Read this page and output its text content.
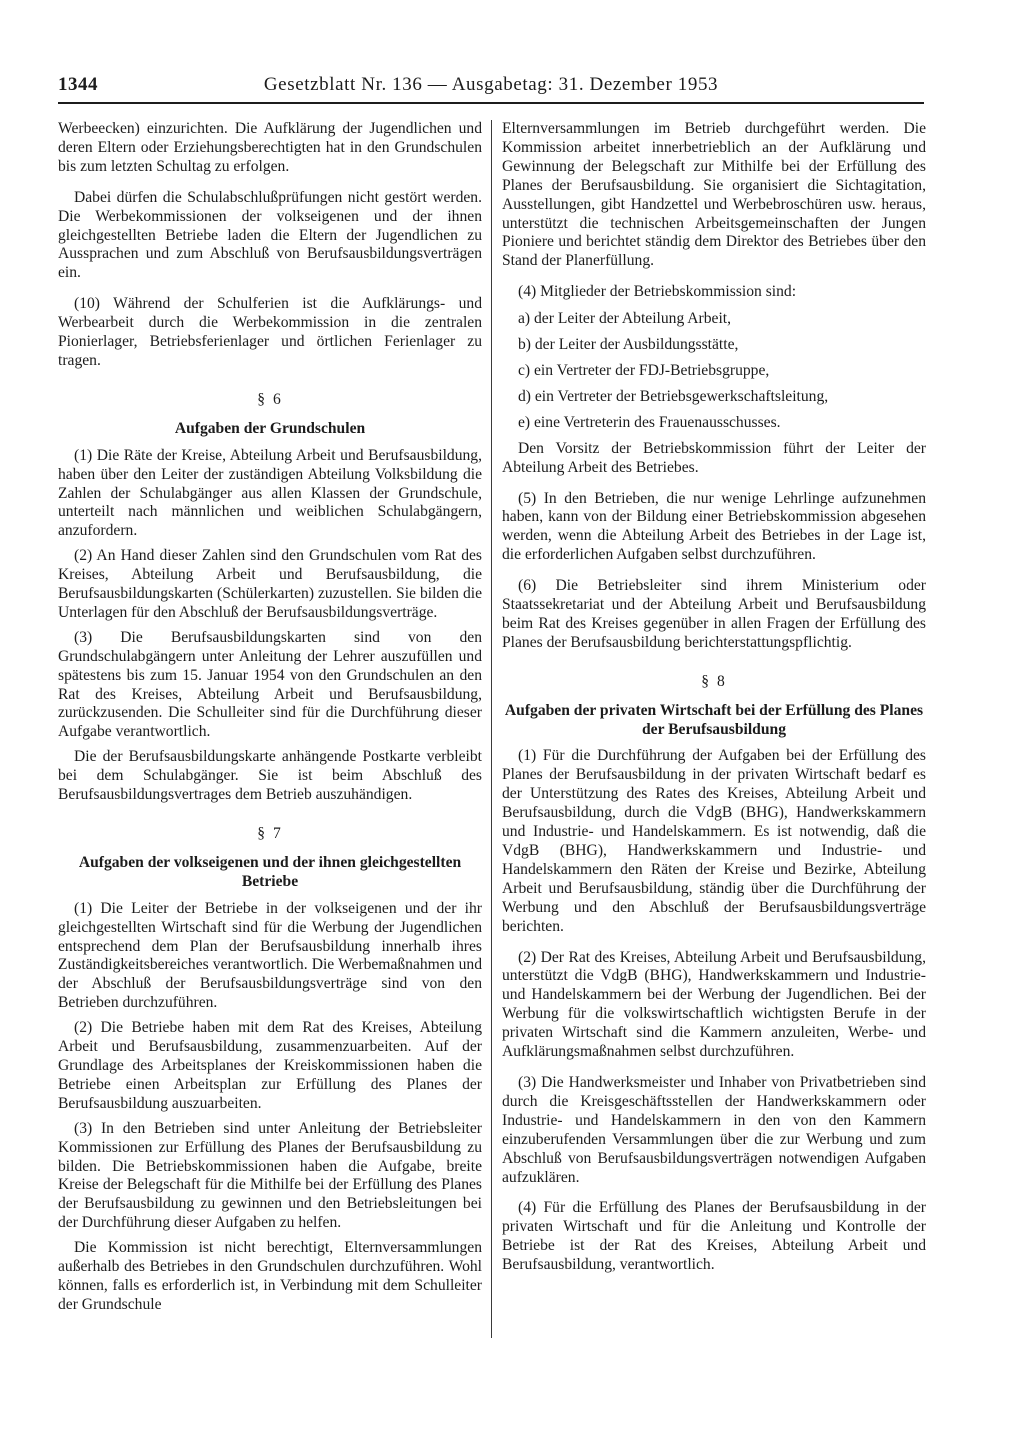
1344	Gesetzblatt Nr. 136 — Ausgabetag: 31. Dezember 1953

Werbeecken) einzurichten. Die Aufklärung der Jugendlichen und deren Eltern oder Erziehungsberechtigten hat in den Grundschulen bis zum letzten Schultag zu erfolgen.

Dabei dürfen die Schulabschlußprüfungen nicht gestört werden. Die Werbekommissionen der volkseigenen und der ihnen gleichgestellten Betriebe laden die Eltern der Jugendlichen zu Aussprachen und zum Abschluß von Berufsausbildungsverträgen ein.

(10) Während der Schulferien ist die Aufklärungs- und Werbearbeit durch die Werbekommission in die zentralen Pionierlager, Betriebsferienlager und örtlichen Ferienlager zu tragen.

§ 6
Aufgaben der Grundschulen

(1) Die Räte der Kreise, Abteilung Arbeit und Berufsausbildung, haben über den Leiter der zuständigen Abteilung Volksbildung die Zahlen der Schulabgänger aus allen Klassen der Grundschule, unterteilt nach männlichen und weiblichen Schulabgängern, anzufordern.

(2) An Hand dieser Zahlen sind den Grundschulen vom Rat des Kreises, Abteilung Arbeit und Berufsausbildung, die Berufsausbildungskarten (Schülerkarten) zuzustellen. Sie bilden die Unterlagen für den Abschluß der Berufsausbildungsverträge.

(3) Die Berufsausbildungskarten sind von den Grundschulabgängern unter Anleitung der Lehrer auszufüllen und spätestens bis zum 15. Januar 1954 von den Grundschulen an den Rat des Kreises, Abteilung Arbeit und Berufsausbildung, zurückzusenden. Die Schulleiter sind für die Durchführung dieser Aufgabe verantwortlich.

Die der Berufsausbildungskarte anhängende Postkarte verbleibt bei dem Schulabgänger. Sie ist beim Abschluß des Berufsausbildungsvertrages dem Betrieb auszuhändigen.

§ 7
Aufgaben der volkseigenen und der ihnen gleichgestellten Betriebe

(1) Die Leiter der Betriebe in der volkseigenen und der ihr gleichgestellten Wirtschaft sind für die Werbung der Jugendlichen entsprechend dem Plan der Berufsausbildung innerhalb ihres Zuständigkeitsbereiches verantwortlich. Die Werbemaßnahmen und der Abschluß der Berufsausbildungsverträge sind von den Betrieben durchzuführen.

(2) Die Betriebe haben mit dem Rat des Kreises, Abteilung Arbeit und Berufsausbildung, zusammenzuarbeiten. Auf der Grundlage des Arbeitsplanes der Kreiskommissionen haben die Betriebe einen Arbeitsplan zur Erfüllung des Planes der Berufsausbildung auszuarbeiten.

(3) In den Betrieben sind unter Anleitung der Betriebsleiter Kommissionen zur Erfüllung des Planes der Berufsausbildung zu bilden. Die Betriebskommissionen haben die Aufgabe, breite Kreise der Belegschaft für die Mithilfe bei der Erfüllung des Planes der Berufsausbildung zu gewinnen und den Betriebsleitungen bei der Durchführung dieser Aufgaben zu helfen.

Die Kommission ist nicht berechtigt, Elternversammlungen außerhalb des Betriebes in den Grundschulen durchzuführen. Wohl können, falls es erforderlich ist, in Verbindung mit dem Schulleiter der Grundschule

Elternversammlungen im Betrieb durchgeführt werden. Die Kommission arbeitet innerbetrieblich an der Aufklärung und Gewinnung der Belegschaft zur Mithilfe bei der Erfüllung des Planes der Berufsausbildung. Sie organisiert die Sichtagitation, Ausstellungen, gibt Handzettel und Werbebroschüren usw. heraus, unterstützt die technischen Arbeitsgemeinschaften der Jungen Pioniere und berichtet ständig dem Direktor des Betriebes über den Stand der Planerfüllung.

(4) Mitglieder der Betriebskommission sind:

a) der Leiter der Abteilung Arbeit,
b) der Leiter der Ausbildungsstätte,
c) ein Vertreter der FDJ-Betriebsgruppe,
d) ein Vertreter der Betriebsgewerkschaftsleitung,
e) eine Vertreterin des Frauenausschusses.

Den Vorsitz der Betriebskommission führt der Leiter der Abteilung Arbeit des Betriebes.

(5) In den Betrieben, die nur wenige Lehrlinge aufzunehmen haben, kann von der Bildung einer Betriebskommission abgesehen werden, wenn die Abteilung Arbeit des Betriebes in der Lage ist, die erforderlichen Aufgaben selbst durchzuführen.

(6) Die Betriebsleiter sind ihrem Ministerium oder Staatssekretariat und der Abteilung Arbeit und Berufsausbildung beim Rat des Kreises gegenüber in allen Fragen der Erfüllung des Planes der Berufsausbildung berichterstattungspflichtig.

§ 8
Aufgaben der privaten Wirtschaft bei der Erfüllung des Planes der Berufsausbildung

(1) Für die Durchführung der Aufgaben bei der Erfüllung des Planes der Berufsausbildung in der privaten Wirtschaft bedarf es der Unterstützung des Rates des Kreises, Abteilung Arbeit und Berufsausbildung, durch die VdgB (BHG), Handwerkskammern und Industrie- und Handelskammern. Es ist notwendig, daß die VdgB (BHG), Handwerkskammern und Industrie- und Handelskammern den Räten der Kreise und Bezirke, Abteilung Arbeit und Berufsausbildung, ständig über die Durchführung der Werbung und den Abschluß der Berufsausbildungsverträge berichten.

(2) Der Rat des Kreises, Abteilung Arbeit und Berufsausbildung, unterstützt die VdgB (BHG), Handwerkskammern und Industrie- und Handelskammern bei der Werbung der Jugendlichen. Bei der Werbung für die volkswirtschaftlich wichtigsten Berufe in der privaten Wirtschaft sind die Kammern anzuleiten, Werbe- und Aufklärungsmaßnahmen selbst durchzuführen.

(3) Die Handwerksmeister und Inhaber von Privatbetrieben sind durch die Kreisgeschäftsstellen der Handwerkskammern oder Industrie- und Handelskammern in den von den Kammern einzuberufenden Versammlungen über die zur Werbung und zum Abschluß von Berufsausbildungsverträgen notwendigen Aufgaben aufzuklären.

(4) Für die Erfüllung des Planes der Berufsausbildung in der privaten Wirtschaft und für die Anleitung und Kontrolle der Betriebe ist der Rat des Kreises, Abteilung Arbeit und Berufsausbildung, verantwortlich.
